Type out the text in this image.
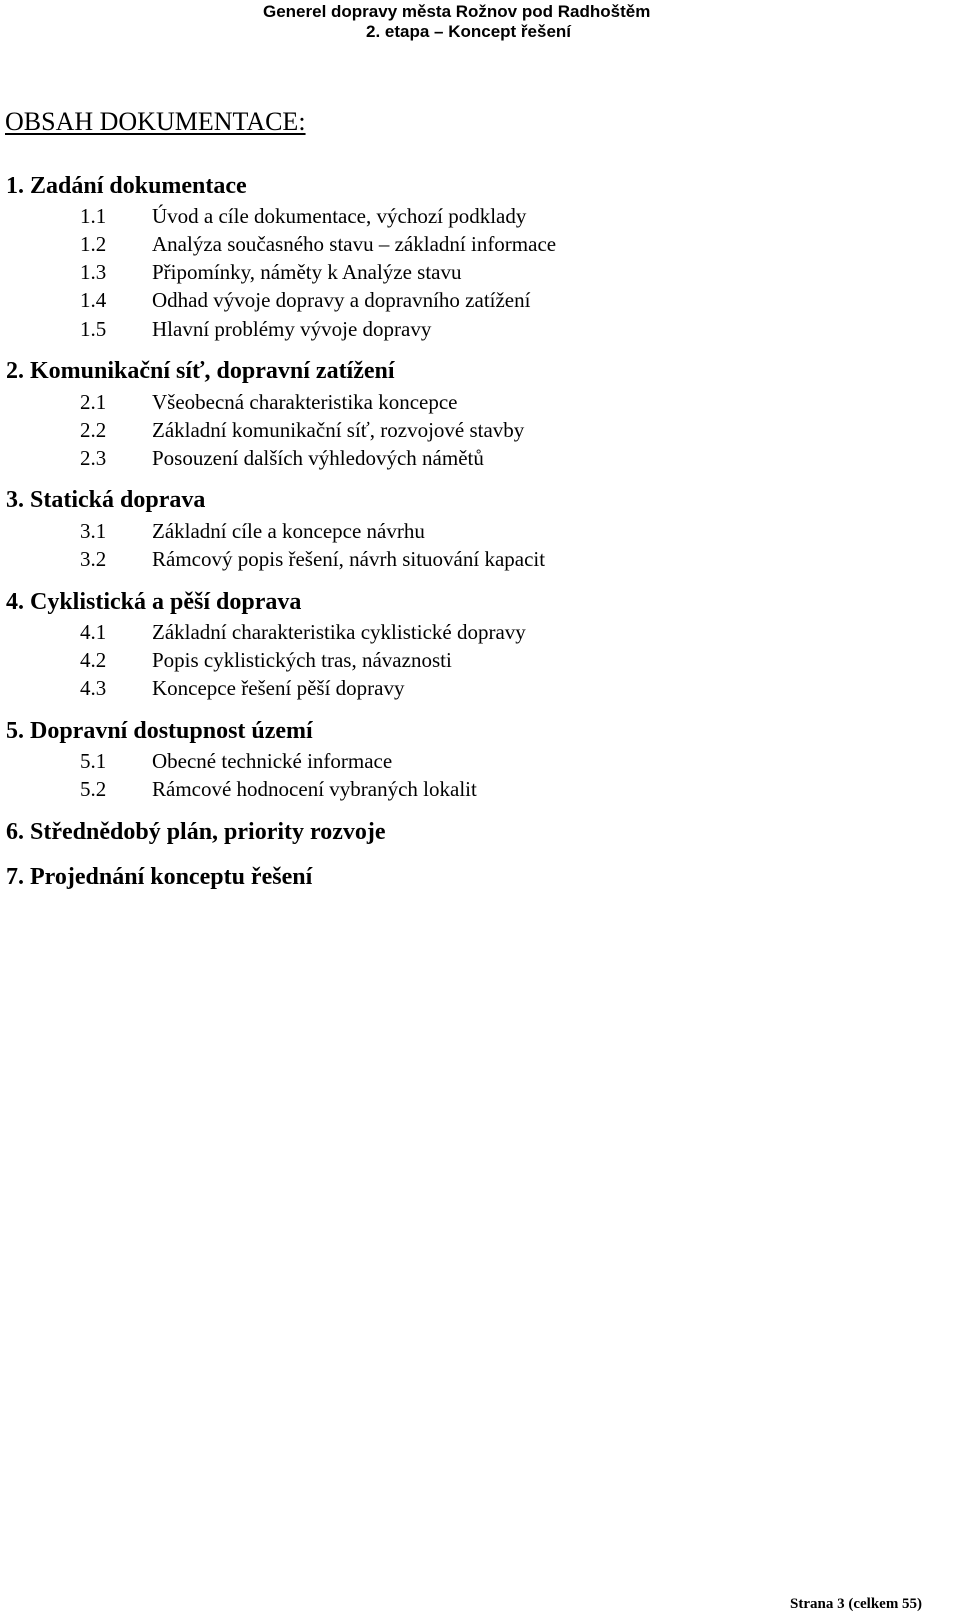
Generel dopravy města Rožnov pod Radhoštěm
2. etapa – Koncept řešení
OBSAH DOKUMENTACE:
1. Zadání dokumentace
1.1 Úvod a cíle dokumentace, výchozí podklady
1.2 Analýza současného stavu – základní informace
1.3 Připomínky, náměty k Analýze stavu
1.4 Odhad vývoje dopravy a dopravního zatížení
1.5 Hlavní problémy vývoje dopravy
2. Komunikační síť, dopravní zatížení
2.1 Všeobecná charakteristika koncepce
2.2 Základní komunikační síť, rozvojové stavby
2.3 Posouzení dalších výhledových námětů
3. Statická doprava
3.1 Základní cíle a koncepce návrhu
3.2 Rámcový popis řešení, návrh situování kapacit
4. Cyklistická a pěší doprava
4.1 Základní charakteristika cyklistické dopravy
4.2 Popis cyklistických tras, návaznosti
4.3 Koncepce řešení pěší dopravy
5. Dopravní dostupnost území
5.1 Obecné technické informace
5.2 Rámcové hodnocení vybraných lokalit
6. Střednědobý plán, priority rozvoje
7. Projednání konceptu řešení
Strana 3 (celkem 55)
